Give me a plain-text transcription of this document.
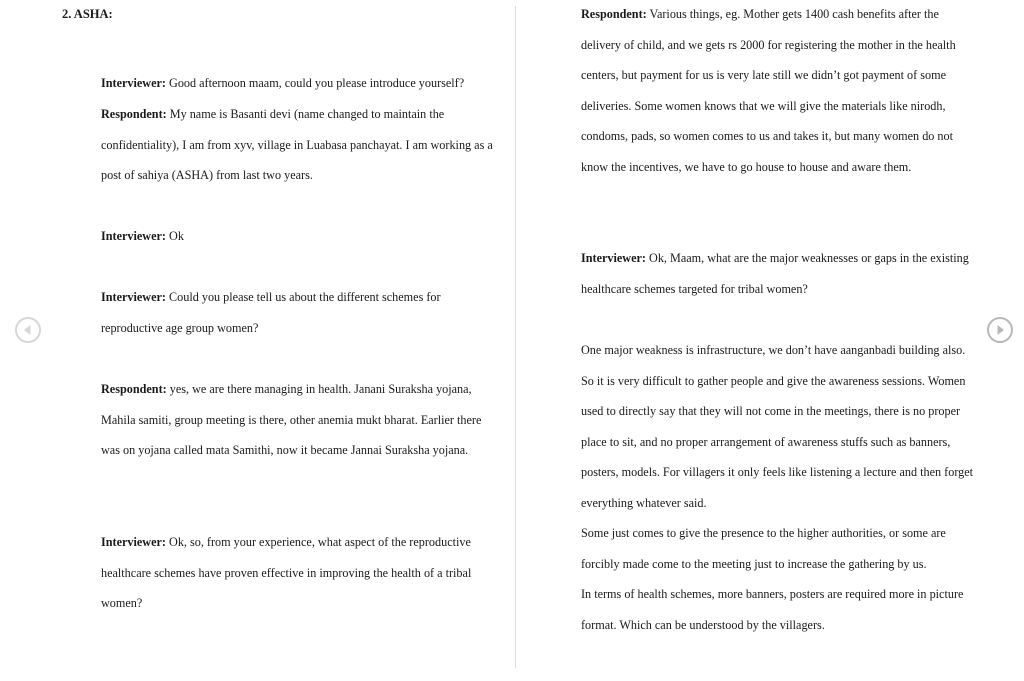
2. ASHA:

Interviewer: Good afternoon maam, could you please introduce yourself?

Respondent: My name is Basanti devi (name changed to maintain the confidentiality), I am from xyv, village in Luabasa panchayat. I am working as a post of sahiya (ASHA) from last two years.

Interviewer: Ok

Interviewer: Could you please tell us about the different schemes for reproductive age group women?

Respondent: yes, we are there managing in health. Janani Suraksha yojana, Mahila samiti, group meeting is there, other anemia mukt bharat. Earlier there was on yojana called mata Samithi, now it became Jannai Suraksha yojana.

Interviewer: Ok, so, from your experience, what aspect of the reproductive healthcare schemes have proven effective in improving the health of a tribal women?

Respondent: Various things, eg. Mother gets 1400 cash benefits after the delivery of child, and we gets rs 2000 for registering the mother in the health centers, but payment for us is very late still we didn’t got payment of some deliveries. Some women knows that we will give the materials like nirodh, condoms, pads, so women comes to us and takes it, but many women do not know the incentives, we have to go house to house and aware them.

Interviewer: Ok, Maam, what are the major weaknesses or gaps in the existing healthcare schemes targeted for tribal women?

One major weakness is infrastructure, we don’t have aanganbadi building also. So it is very difficult to gather people and give the awareness sessions. Women used to directly say that they will not come in the meetings, there is no proper place to sit, and no proper arrangement of awareness stuffs such as banners, posters, models. For villagers it only feels like listening a lecture and then forget everything whatever said.

Some just comes to give the presence to the higher authorities, or some are forcibly made come to the meeting just to increase the gathering by us.

In terms of health schemes, more banners, posters are required more in picture format. Which can be understood by the villagers.
